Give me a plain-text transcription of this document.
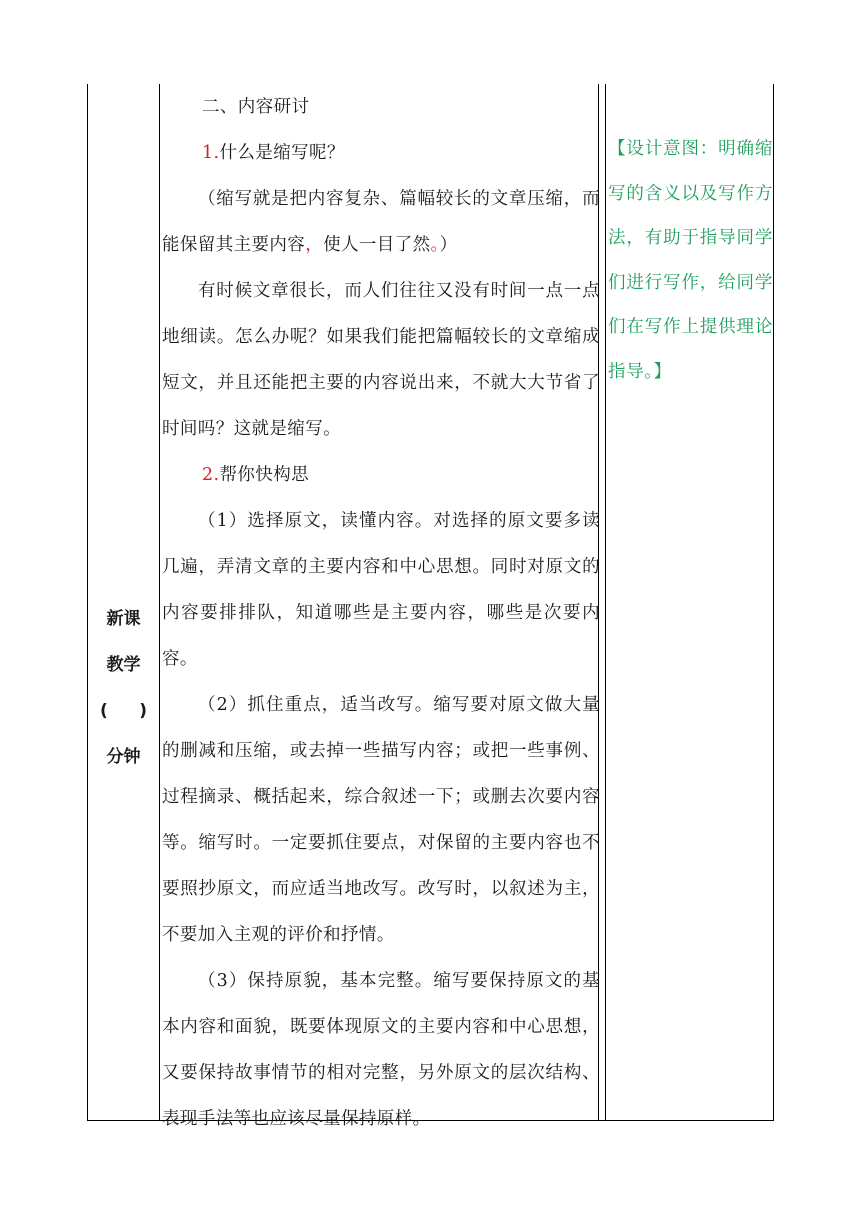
新课
教学
( )
分钟

二、内容研讨

1.什么是缩写呢？

（缩写就是把内容复杂、篇幅较长的文章压缩，而能保留其主要内容，使人一目了然。）

有时候文章很长，而人们往往又没有时间一点一点地细读。怎么办呢？如果我们能把篇幅较长的文章缩成短文，并且还能把主要的内容说出来，不就大大节省了时间吗？这就是缩写。

2.帮你快构思

（1）选择原文，读懂内容。对选择的原文要多读几遍，弄清文章的主要内容和中心思想。同时对原文的内容要排排队，知道哪些是主要内容，哪些是次要内容。

（2）抓住重点，适当改写。缩写要对原文做大量的删减和压缩，或去掉一些描写内容；或把一些事例、过程摘录、概括起来，综合叙述一下；或删去次要内容等。缩写时。一定要抓住要点，对保留的主要内容也不要照抄原文，而应适当地改写。改写时，以叙述为主，不要加入主观的评价和抒情。

（3）保持原貌，基本完整。缩写要保持原文的基本内容和面貌，既要体现原文的主要内容和中心思想，又要保持故事情节的相对完整，另外原文的层次结构、表现手法等也应该尽量保持原样。

【设计意图：明确缩写的含义以及写作方法，有助于指导同学们进行写作，给同学们在写作上提供理论指导。】
